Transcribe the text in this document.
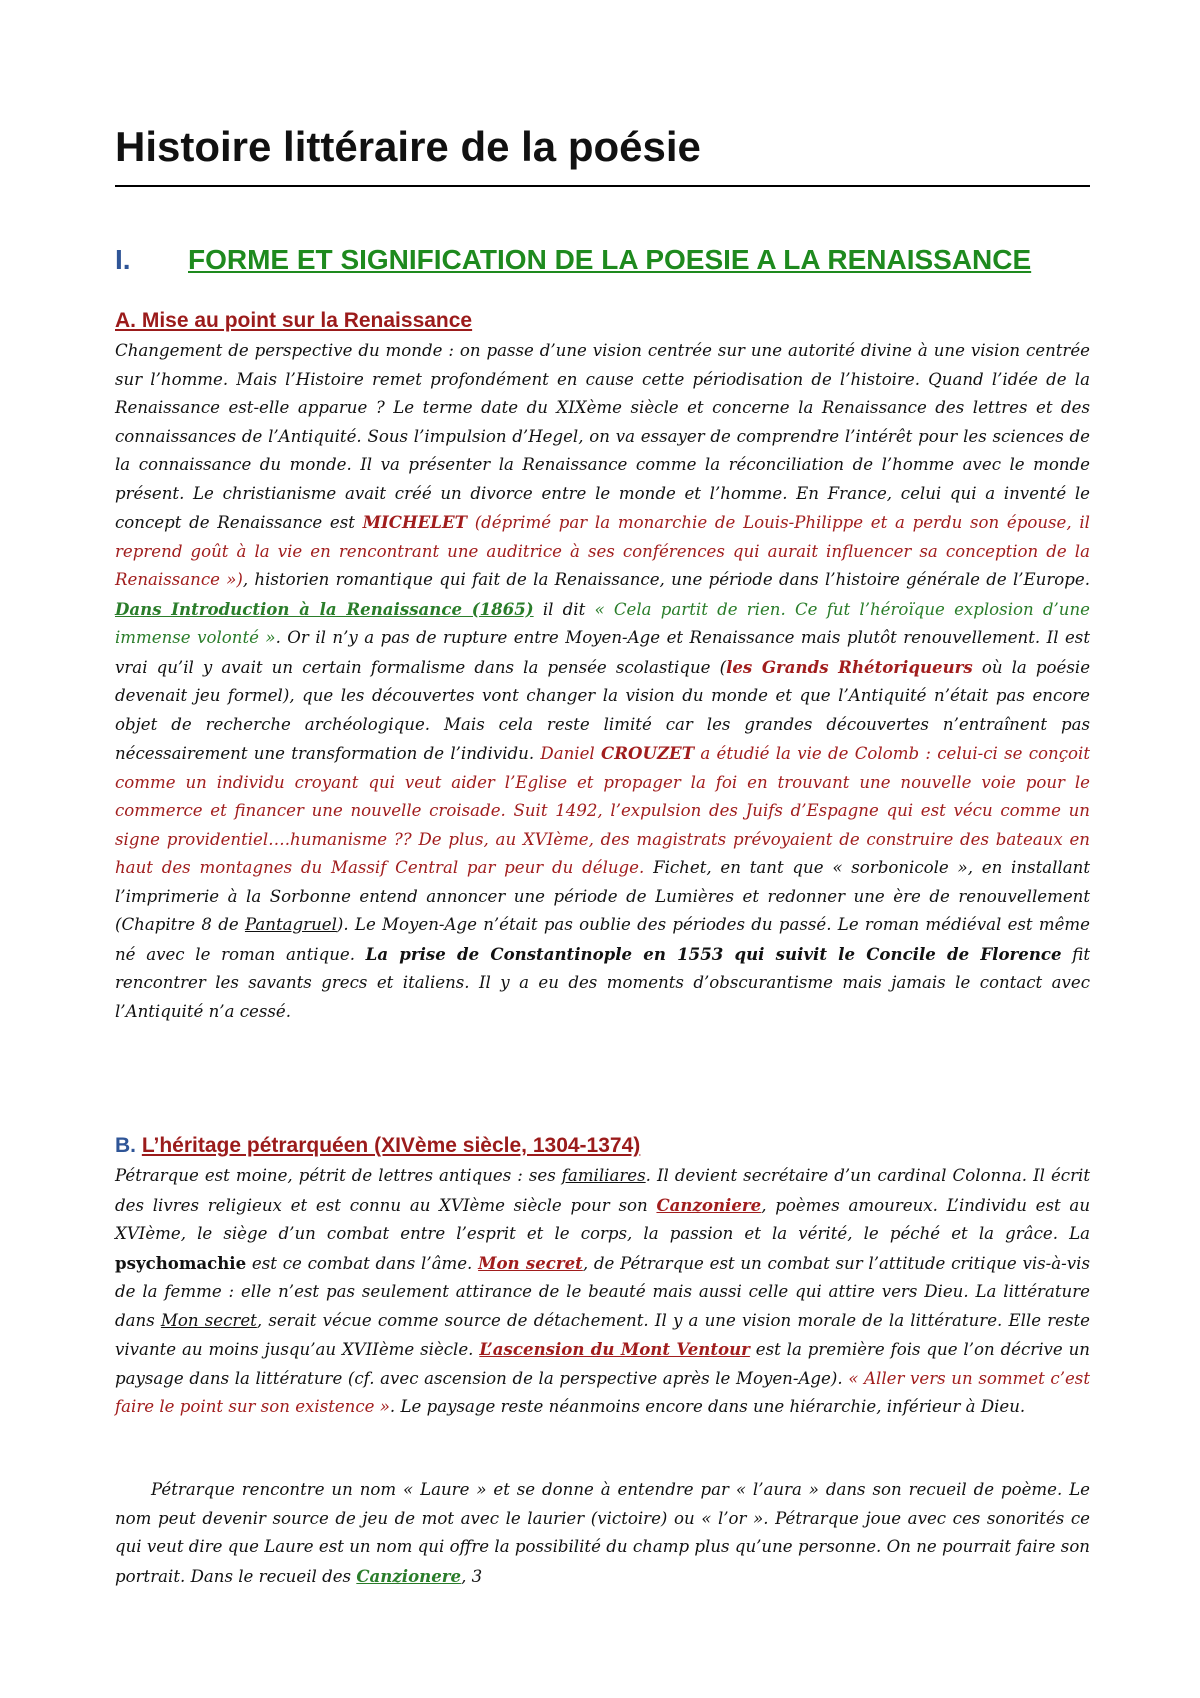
Histoire littéraire de la poésie
I. FORME ET SIGNIFICATION DE LA POESIE A LA RENAISSANCE
A. Mise au point sur la Renaissance

Changement de perspective du monde : on passe d’une vision centrée sur une autorité divine à une vision centrée sur l’homme. Mais l’Histoire remet profondément en cause cette périodisation de l’histoire. Quand l’idée de la Renaissance est-elle apparue ? Le terme date du XIXème siècle et concerne la Renaissance des lettres et des connaissances de l’Antiquité. Sous l’impulsion d’Hegel, on va essayer de comprendre l’intérêt pour les sciences de la connaissance du monde. Il va présenter la Renaissance comme la réconciliation de l’homme avec le monde présent. Le christianisme avait créé un divorce entre le monde et l’homme. En France, celui qui a inventé le concept de Renaissance est MICHELET (déprimé par la monarchie de Louis-Philippe et a perdu son épouse, il reprend goût à la vie en rencontrant une auditrice à ses conférences qui aurait influencer sa conception de la Renaissance »), historien romantique qui fait de la Renaissance, une période dans l’histoire générale de l’Europe. Dans Introduction à la Renaissance (1865) il dit « Cela partit de rien. Ce fut l’héroïque explosion d’une immense volonté ». Or il n’y a pas de rupture entre Moyen-Age et Renaissance mais plutôt renouvellement. Il est vrai qu’il y avait un certain formalisme dans la pensée scolastique (les Grands Rhétoriqueurs où la poésie devenait jeu formel), que les découvertes vont changer la vision du monde et que l’Antiquité n’était pas encore objet de recherche archéologique. Mais cela reste limité car les grandes découvertes n’entraînent pas nécessairement une transformation de l’individu. Daniel CROUZET a étudié la vie de Colomb : celui-ci se conçoit comme un individu croyant qui veut aider l’Eglise et propager la foi en trouvant une nouvelle voie pour le commerce et financer une nouvelle croisade. Suit 1492, l’expulsion des Juifs d’Espagne qui est vécu comme un signe providentiel….humanisme ?? De plus, au XVIème, des magistrats prévoyaient de construire des bateaux en haut des montagnes du Massif Central par peur du déluge. Fichet, en tant que « sorbonicole », en installant l’imprimerie à la Sorbonne entend annoncer une période de Lumières et redonner une ère de renouvellement (Chapitre 8 de Pantagruel). Le Moyen-Age n’était pas oublie des périodes du passé. Le roman médiéval est même né avec le roman antique. La prise de Constantinople en 1553 qui suivit le Concile de Florence fit rencontrer les savants grecs et italiens. Il y a eu des moments d’obscurantisme mais jamais le contact avec l’Antiquité n’a cessé.

B. L’héritage pétrarquéen (XIVème siècle, 1304-1374)

Pétrarque est moine, pétrit de lettres antiques : ses familiares. Il devient secrétaire d’un cardinal Colonna. Il écrit des livres religieux et est connu au XVIème siècle pour son Canzoniere, poèmes amoureux. L’individu est au XVIème, le siège d’un combat entre l’esprit et le corps, la passion et la vérité, le péché et la grâce. La psychomachie est ce combat dans l’âme. Mon secret, de Pétrarque est un combat sur l’attitude critique vis-à-vis de la femme : elle n’est pas seulement attirance de le beauté mais aussi celle qui attire vers Dieu. La littérature dans Mon secret, serait vécue comme source de détachement. Il y a une vision morale de la littérature. Elle reste vivante au moins jusqu’au XVIIème siècle. L’ascension du Mont Ventour est la première fois que l’on décrive un paysage dans la littérature (cf. avec ascension de la perspective après le Moyen-Age). « Aller vers un sommet c’est faire le point sur son existence ». Le paysage reste néanmoins encore dans une hiérarchie, inférieur à Dieu.

Pétrarque rencontre un nom « Laure » et se donne à entendre par « l’aura » dans son recueil de poème. Le nom peut devenir source de jeu de mot avec le laurier (victoire) ou « l’or ». Pétrarque joue avec ces sonorités ce qui veut dire que Laure est un nom qui offre la possibilité du champ plus qu’une personne. On ne pourrait faire son portrait. Dans le recueil des Canzionere, 3
